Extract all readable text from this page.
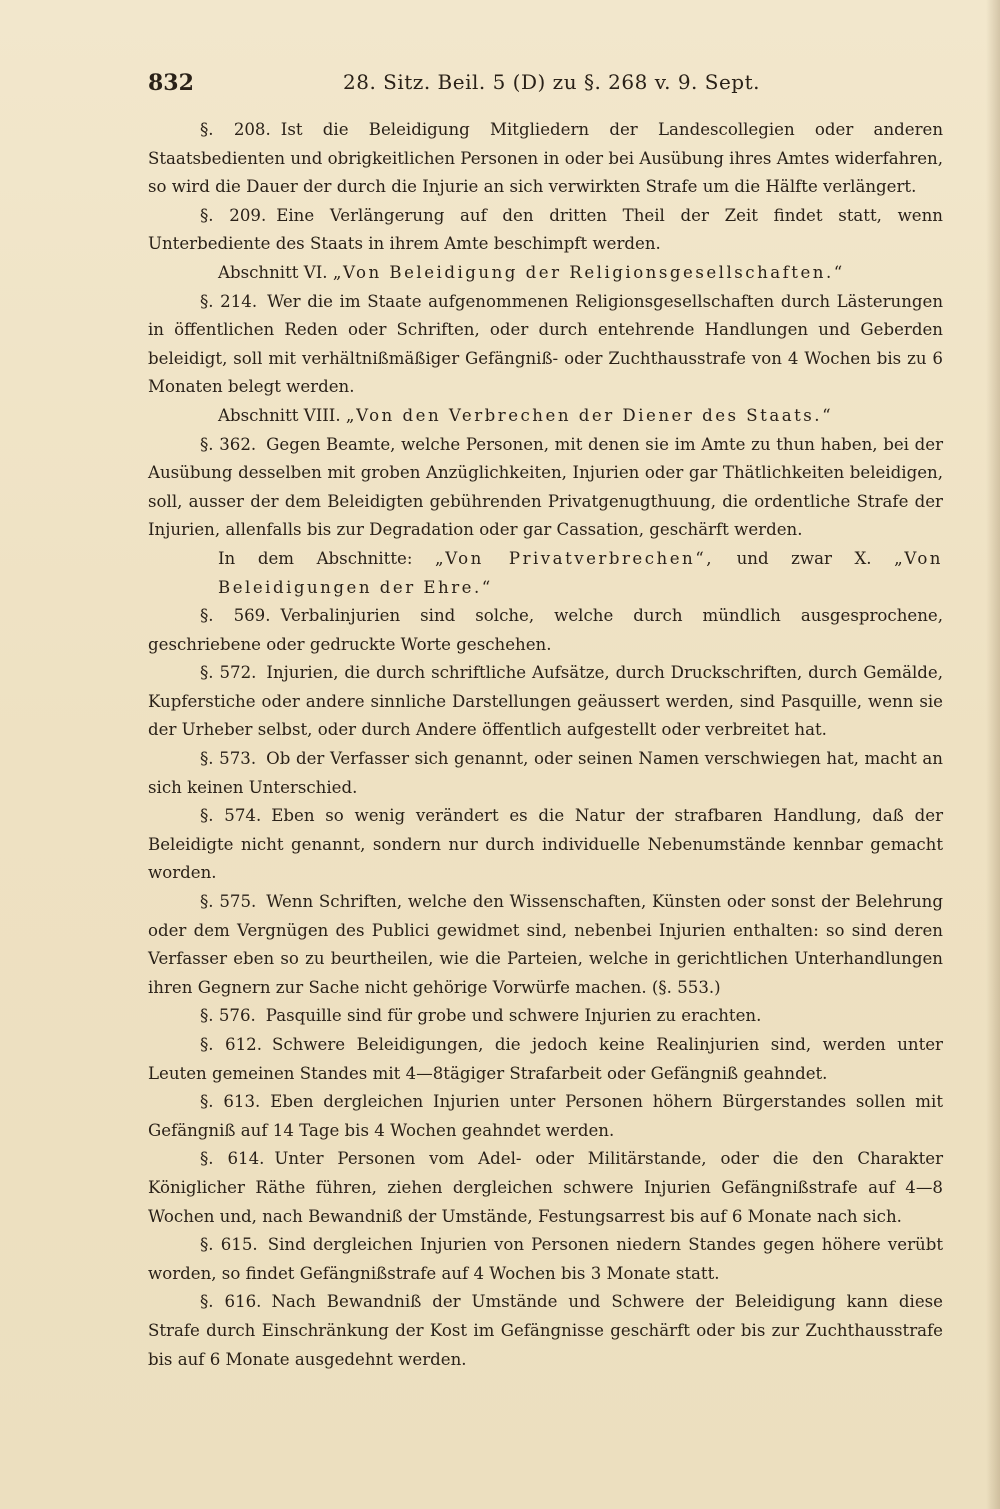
832	28. Sitz. Beil. 5 (D) zu §. 268 v. 9. Sept.

§. 208. Ist die Beleidigung Mitgliedern der Landescollegien oder anderen Staatsbedienten und obrigkeitlichen Personen in oder bei Ausübung ihres Amtes widerfahren, so wird die Dauer der durch die Injurie an sich verwirkten Strafe um die Hälfte verlängert.

§. 209. Eine Verlängerung auf den dritten Theil der Zeit findet statt, wenn Unterbediente des Staats in ihrem Amte beschimpft werden.

Abschnitt VI. „Von Beleidigung der Religionsgesellschaften.“

§. 214. Wer die im Staate aufgenommenen Religionsgesellschaften durch Lästerungen in öffentlichen Reden oder Schriften, oder durch entehrende Handlungen und Geberden beleidigt, soll mit verhältnißmäßiger Gefängniß- oder Zuchthausstrafe von 4 Wochen bis zu 6 Monaten belegt werden.

Abschnitt VIII. „Von den Verbrechen der Diener des Staats.“

§. 362. Gegen Beamte, welche Personen, mit denen sie im Amte zu thun haben, bei der Ausübung desselben mit groben Anzüglichkeiten, Injurien oder gar Thätlichkeiten beleidigen, soll, ausser der dem Beleidigten gebührenden Privatgenugthuung, die ordentliche Strafe der Injurien, allenfalls bis zur Degradation oder gar Cassation, geschärft werden.

In dem Abschnitte: „Von Privatverbrechen“, und zwar X. „Von Beleidigungen der Ehre.“

§. 569. Verbalinjurien sind solche, welche durch mündlich ausgesprochene, geschriebene oder gedruckte Worte geschehen.

§. 572. Injurien, die durch schriftliche Aufsätze, durch Druckschriften, durch Gemälde, Kupferstiche oder andere sinnliche Darstellungen geäussert werden, sind Pasquille, wenn sie der Urheber selbst, oder durch Andere öffentlich aufgestellt oder verbreitet hat.

§. 573. Ob der Verfasser sich genannt, oder seinen Namen verschwiegen hat, macht an sich keinen Unterschied.

§. 574. Eben so wenig verändert es die Natur der strafbaren Handlung, daß der Beleidigte nicht genannt, sondern nur durch individuelle Nebenumstände kennbar gemacht worden.

§. 575. Wenn Schriften, welche den Wissenschaften, Künsten oder sonst der Belehrung oder dem Vergnügen des Publici gewidmet sind, nebenbei Injurien enthalten: so sind deren Verfasser eben so zu beurtheilen, wie die Parteien, welche in gerichtlichen Unterhandlungen ihren Gegnern zur Sache nicht gehörige Vorwürfe machen. (§. 553.)

§. 576. Pasquille sind für grobe und schwere Injurien zu erachten.

§. 612. Schwere Beleidigungen, die jedoch keine Realinjurien sind, werden unter Leuten gemeinen Standes mit 4—8tägiger Strafarbeit oder Gefängniß geahndet.

§. 613. Eben dergleichen Injurien unter Personen höhern Bürgerstandes sollen mit Gefängniß auf 14 Tage bis 4 Wochen geahndet werden.

§. 614. Unter Personen vom Adel- oder Militärstande, oder die den Charakter Königlicher Räthe führen, ziehen dergleichen schwere Injurien Gefängnißstrafe auf 4—8 Wochen und, nach Bewandniß der Umstände, Festungsarrest bis auf 6 Monate nach sich.

§. 615. Sind dergleichen Injurien von Personen niedern Standes gegen höhere verübt worden, so findet Gefängnißstrafe auf 4 Wochen bis 3 Monate statt.

§. 616. Nach Bewandniß der Umstände und Schwere der Beleidigung kann diese Strafe durch Einschränkung der Kost im Gefängnisse geschärft oder bis zur Zuchthausstrafe bis auf 6 Monate ausgedehnt werden.
